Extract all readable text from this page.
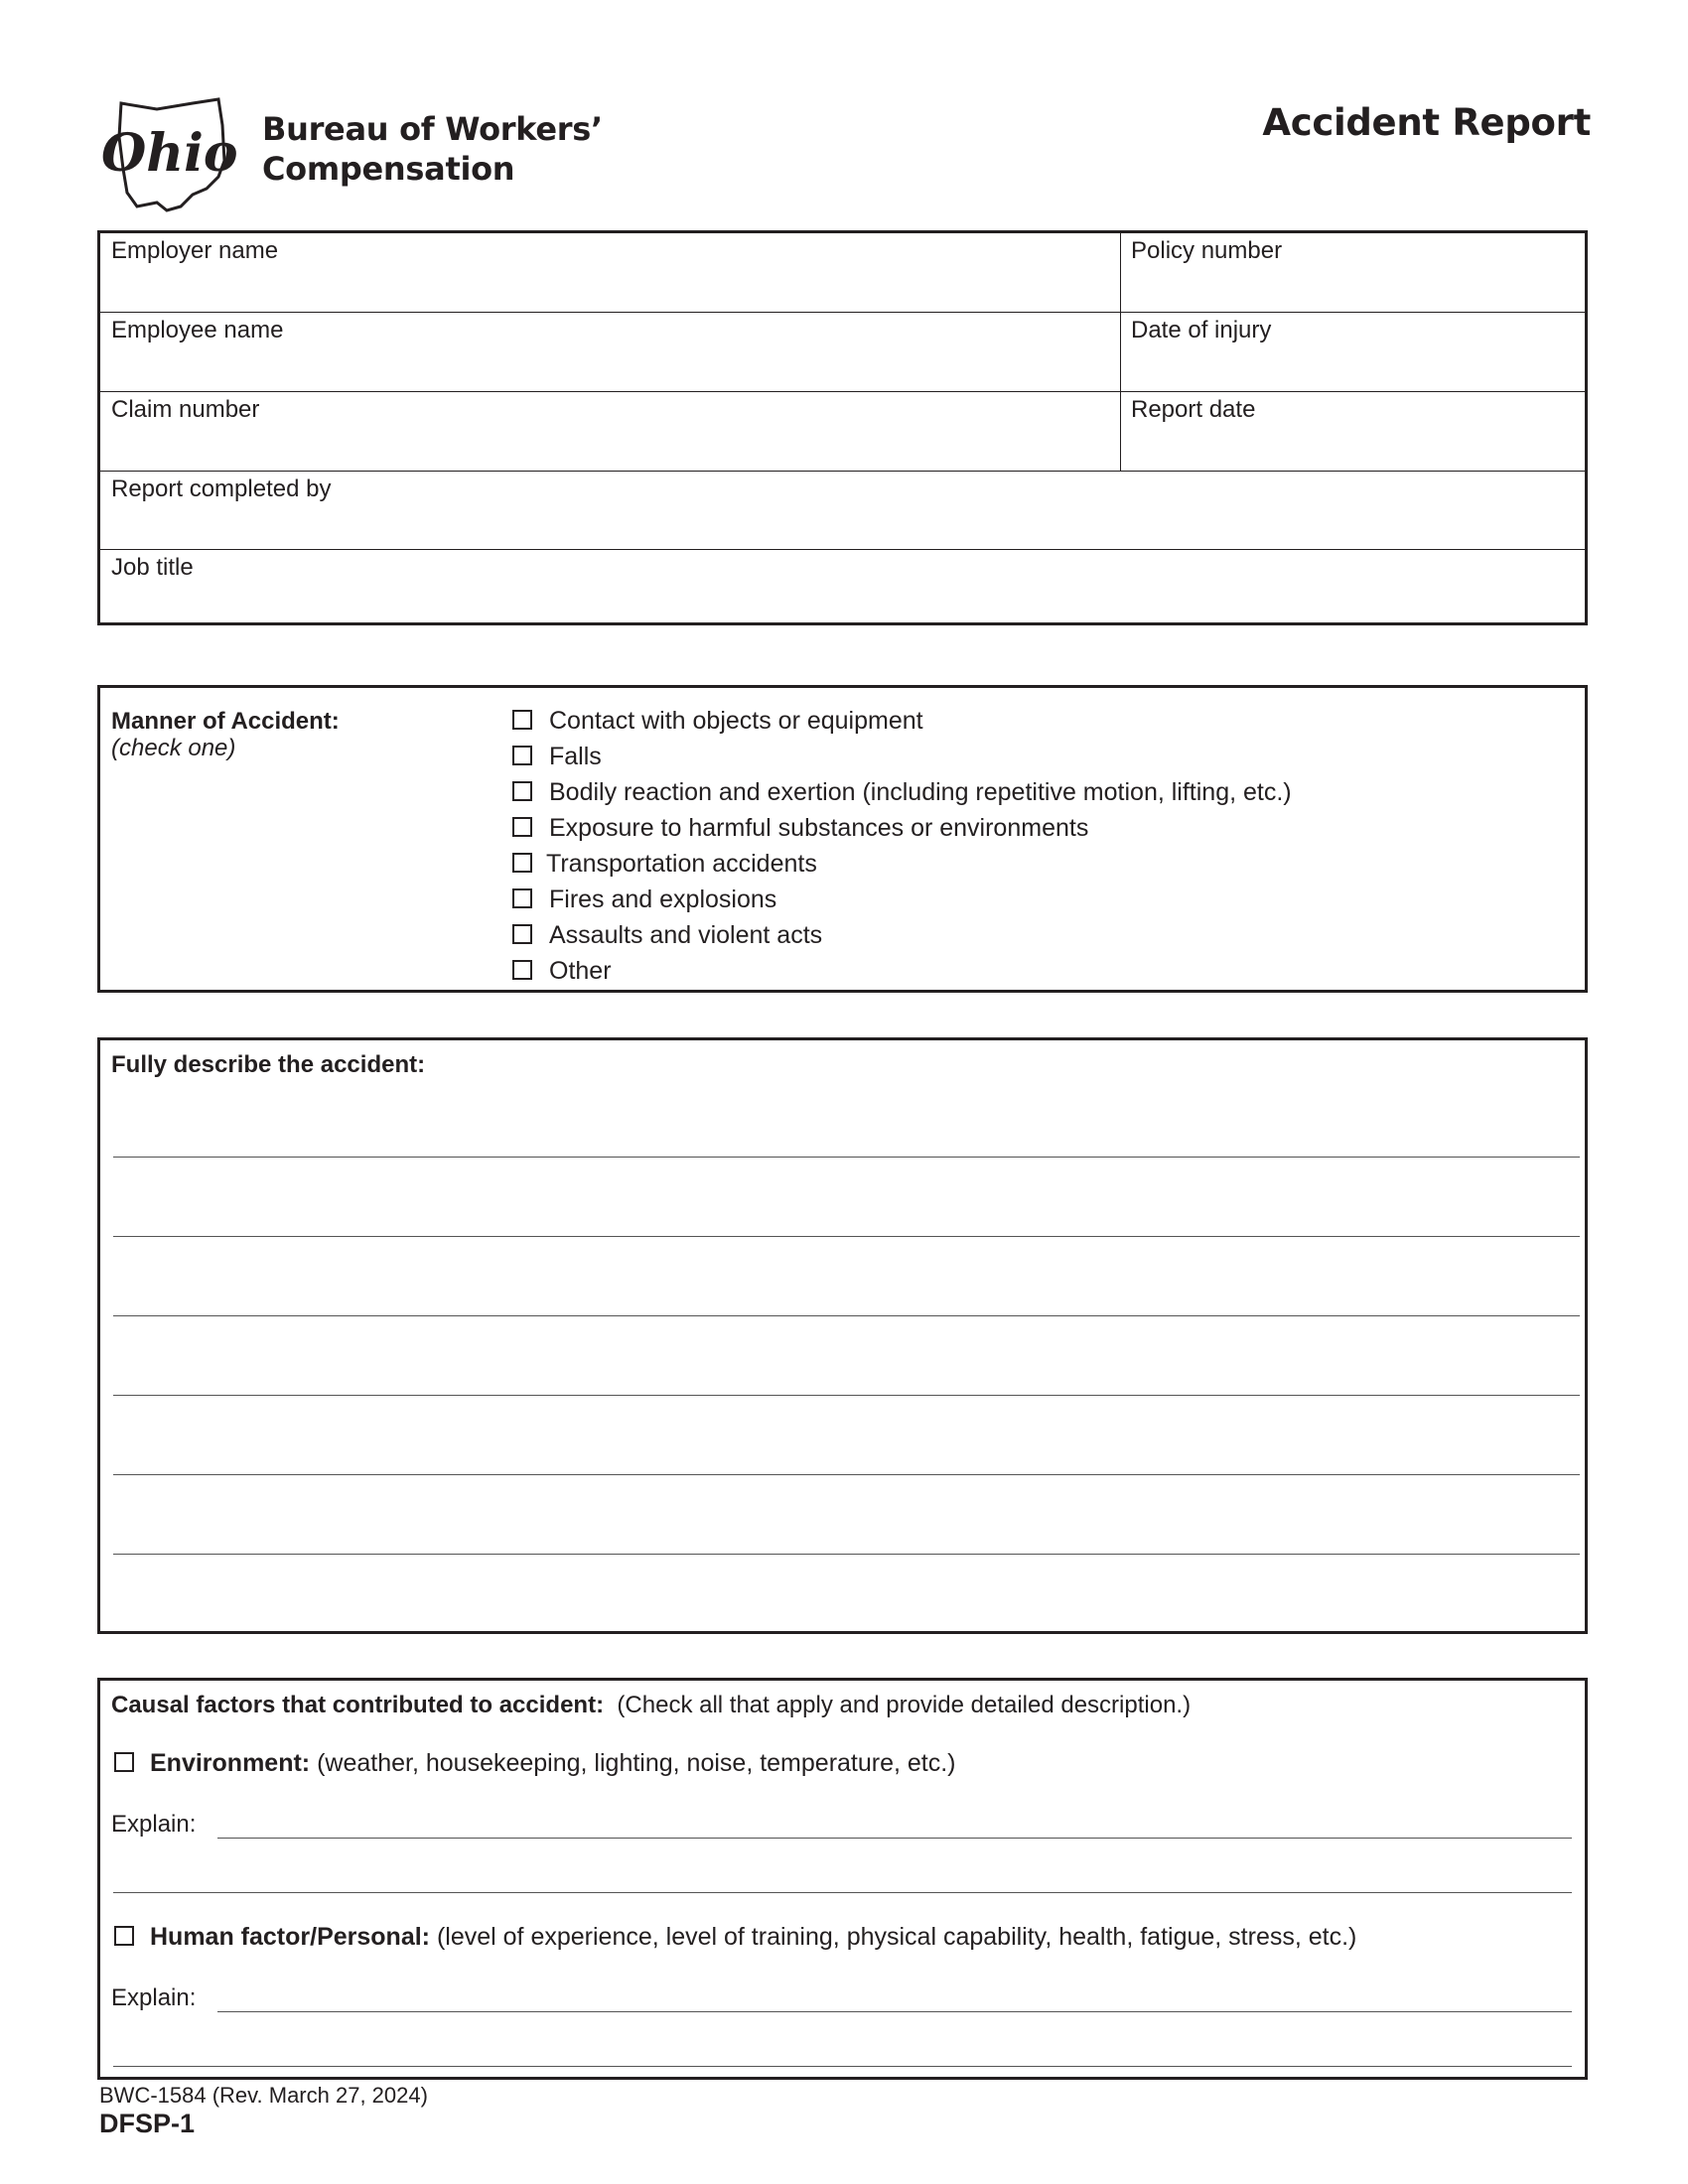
Ohio Bureau of Workers’
Compensation
Accident Report
Employer name	Policy number
Employee name	Date of injury
Claim number	Report date
Report completed by
Job title
Manner of Accident:
(check one)
Contact with objects or equipment
Falls
Bodily reaction and exertion (including repetitive motion, lifting, etc.)
Exposure to harmful substances or environments
Transportation accidents
Fires and explosions
Assaults and violent acts
Other
Fully describe the accident:
Causal factors that contributed to accident: (Check all that apply and provide detailed description.)
Environment: (weather, housekeeping, lighting, noise, temperature, etc.)
Explain:
Human factor/Personal: (level of experience, level of training, physical capability, health, fatigue, stress, etc.)
Explain:
BWC-1584 (Rev. March 27, 2024)
DFSP-1
